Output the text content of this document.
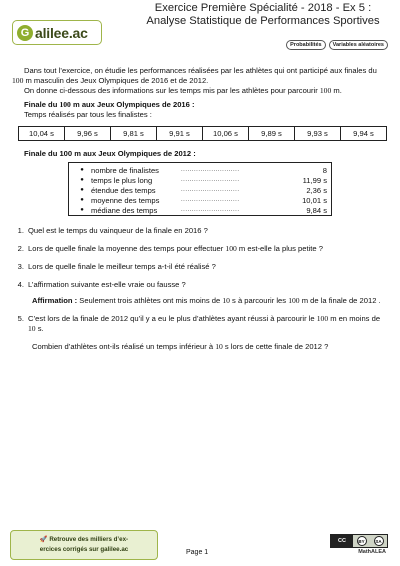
G alilee.ac
Exercice Première Spécialité - 2018 - Ex 5 : Analyse Statistique de Performances Sportives
Probabilités	Variables aléatoires

Dans tout l’exercice, on étudie les performances réalisées par les athlètes qui ont participé aux finales du 100 m masculin des Jeux Olympiques de 2016 et de 2012.

On donne ci-dessous des informations sur les temps mis par les athlètes pour parcourir 100 m.

Finale du 100 m aux Jeux Olympiques de 2016 :
Temps réalisés par tous les finalistes :
10,04 s	9,96 s	9,81 s	9,91 s	10,06 s	9,89 s	9,93 s	9,94 s
Finale du 100 m aux Jeux Olympiques de 2012 :
● nombre de finalistes	...........................	8
● temps le plus long	...........................	11,99 s
● étendue des temps	...........................	2,36 s
● moyenne des temps	...........................	10,01 s
● médiane des temps	...........................	9,84 s
1. Quel est le temps du vainqueur de la finale en 2016 ?
2. Lors de quelle finale la moyenne des temps pour effectuer 100 m est-elle la plus petite ?
3. Lors de quelle finale le meilleur temps a-t-il été réalisé ?
4. L’affirmation suivante est-elle vraie ou fausse ?
Affirmation : Seulement trois athlètes ont mis moins de 10 s à parcourir les 100 m de la finale de 2012 .
5. C’est lors de la finale de 2012 qu’il y a eu le plus d’athlètes ayant réussi à parcourir le 100 m en moins de 10 s.
Combien d’athlètes ont-ils réalisé un temps inférieur à 10 s lors de cette finale de 2012 ?
🚀 Retrouve des milliers d’ex-
ercices corrigés sur galilee.ac	Page 1
CC	BY	SA
MathALEA
